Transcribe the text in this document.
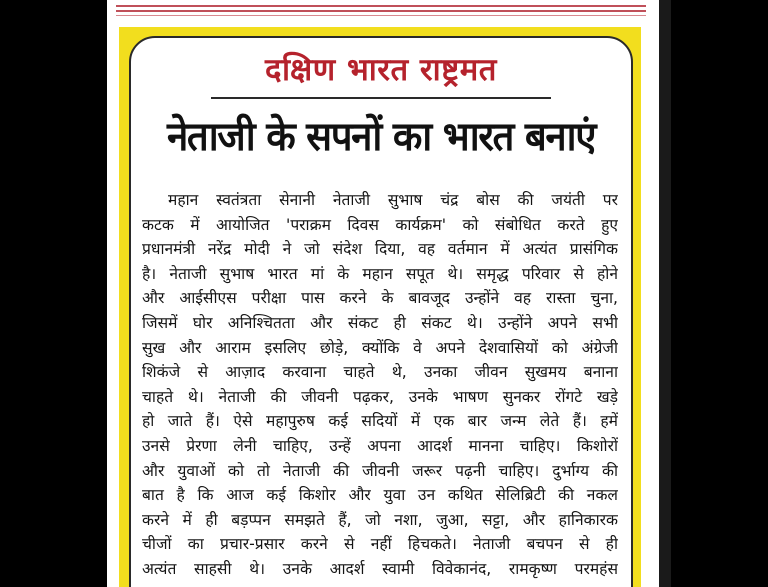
दक्षिण भारत राष्ट्रमत
नेताजी के सपनों का भारत बनाएं
महान स्वतंत्रता सेनानी नेताजी सुभाष चंद्र बोस की जयंती पर
कटक में आयोजित 'पराक्रम दिवस कार्यक्रम' को संबोधित करते हुए
प्रधानमंत्री नरेंद्र मोदी ने जो संदेश दिया, वह वर्तमान में अत्यंत प्रासंगिक
है। नेताजी सुभाष भारत मां के महान सपूत थे। समृद्ध परिवार से होने
और आईसीएस परीक्षा पास करने के बावजूद उन्होंने वह रास्ता चुना,
जिसमें घोर अनिश्चितता और संकट ही संकट थे। उन्होंने अपने सभी
सुख और आराम इसलिए छोड़े, क्योंकि वे अपने देशवासियों को अंग्रेजी
शिकंजे से आज़ाद करवाना चाहते थे, उनका जीवन सुखमय बनाना
चाहते थे। नेताजी की जीवनी पढ़कर, उनके भाषण सुनकर रोंगटे खड़े
हो जाते हैं। ऐसे महापुरुष कई सदियों में एक बार जन्म लेते हैं। हमें
उनसे प्रेरणा लेनी चाहिए, उन्हें अपना आदर्श मानना चाहिए। किशोरों
और युवाओं को तो नेताजी की जीवनी जरूर पढ़नी चाहिए। दुर्भाग्य की
बात है कि आज कई किशोर और युवा उन कथित सेलिब्रिटी की नकल
करने में ही बड़प्पन समझते हैं, जो नशा, जुआ, सट्टा, और हानिकारक
चीजों का प्रचार-प्रसार करने से नहीं हिचकते। नेताजी बचपन से ही
अत्यंत साहसी थे। उनके आदर्श स्वामी विवेकानंद, रामकृष्ण परमहंस
